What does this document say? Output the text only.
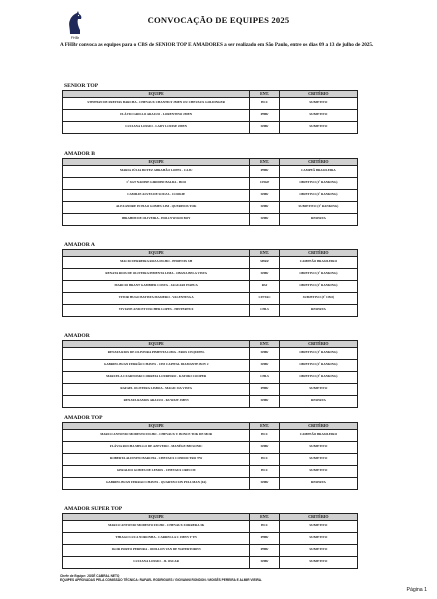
FHBr
CONVOCAÇÃO DE EQUIPES 2025
A FHBr convoca as equipes para o CBS de SENIOR TOP E AMADORES a ser realizado em São Paulo, entre os dias 09 a 13 de julho de 2025.
SENIOR TOP
EQUIPE	ENT.	CRITÉRIO
STEPHAN DE FREITAS BARCHA - CHEVAUX CHANTILY JMEN OU CHEVAUX GOLDINGER	HCC	SUBJETIVO
FLÁVIO GRILLO ARAUJO - LORENTINO JMEN	PHBr	SUBJETIVO
LUCIANA LOSSIO - LADY LOUISE JMEN	SHBr	SUBJETIVO
AMADOR B
EQUIPE	ENT.	CRITÉRIO
MARIA JÚLIA BOYEZ ABRAHÃO LOPES - CAJU	PHBr	CAMPEÃ BRASILEIRA
1º SGT NADINE GIRIDINI BALDA - BOO	CHGP	OBJETIVO (1º RANKING)
CAMILIE ALVES DE SOUZA - COOKIE	SHBr	OBJETIVO (2º RANKING)
ALEXANDRE IN PIAO GOMES LIM - QUERINOS TOK	SHBr	SUBJETIVO (3º RANKING)
IBRAHIM DE OLIVEIRA - HOLLYWOOD BOY	SHBr	RESERVA
AMADOR A
EQUIPE	ENT.	CRITÉRIO
MACIO FERREIRA ROZA FILHO - PHOENIX SH	SHRZ	CAMPEÃO BRASILEIRO
RENATA RIOS DE OLIVEIRA PIMENTA LIMA - OBANA BELA VISTA	SHBr	OBJETIVO (1º RANKING)
MARCIO BRANT GAMBIER COSTA - JAGUARI ITAPUA	RSJ	OBJETIVO (2º RANKING)
VITOR HUGO BATISTA MASIERO - VALENTINA A	CITTAC	SUBJETIVO (3º CBO)
VIVIANE ANICET FISCHER LOPES - HINTERTUX	CHLS	RESERVA
AMADOR
EQUIPE	ENT.	CRITÉRIO
RENATA RIOS DE OLIVEIRA PIMENTA LIMA - EROS CEQUIPEL	SHBr	OBJETIVO (1º RANKING)
GABRIEL BUAN FERRÃO CHAVES - CHJ CAPITAL DIAMANTE BOY 2	SHBr	OBJETIVO (2º RANKING)
MARCELA CZARNOSKI CORREIA LOUREIRO - KATOKI COOPER	CHLS	OBJETIVO (3º RANKING)
RAFAEL OLIVEIRA LISBOA - MAGIC DA VISTA	PHBr	SUBJETIVO
RENATA RAMOS ARAUJO - KUWAIT JMEN	SHBr	RESERVA
AMADOR TOP
EQUIPE	ENT.	CRITÉRIO
MARCO ANTONIO MODESTO FILHO - CHEVAUX V. BONCE TOK DE MOR	HCC	CAMPEÃO BRASILEIRO
FLÁVIA ROCHA MELLO DE AZEVEDO - MANÉGE BM SONIC	SHBr	SUBJETIVO
ROBERTA ALFINITO BARCHA - CHEVAUX CONDOCTRO TW	HCC	SUBJETIVO
GERALDO GOMES DE LEMOS - CHEVAUX OREO M	HCC	SUBJETIVO
GABRIEL BUAN FERRAO CHAVES - QUARTZO SIN PULLMAN (IA)	SHBr	RESERVA
AMADOR SUPER TOP
EQUIPE	ENT.	CRITÉRIO
MARCO ANTONIO MODESTO FILHO - CHEVAUX ZORRERA 3K	HCC	SUBJETIVO
THIAGO LUCA NORONHA - CARRELLA C JMEN Y TN	PHBr	SUBJETIVO
IGOR PORTO PEREIRA - ODILLON VAN DE WATERTOREN	PHBr	SUBJETIVO
LUCIANA LOSSIO - JL OSCAR	SHBr	SUBJETIVO
Chefe de Equipe: JOSÉ CABRAL NETO
EQUIPES APROVADAS PELA COMISSÃO TÉCNICA: RAFAEL RODRIGUES / GIOVANNI RONDON / MOISÉS PEREIRA E ALMIR VIEIRA.
Página 1
